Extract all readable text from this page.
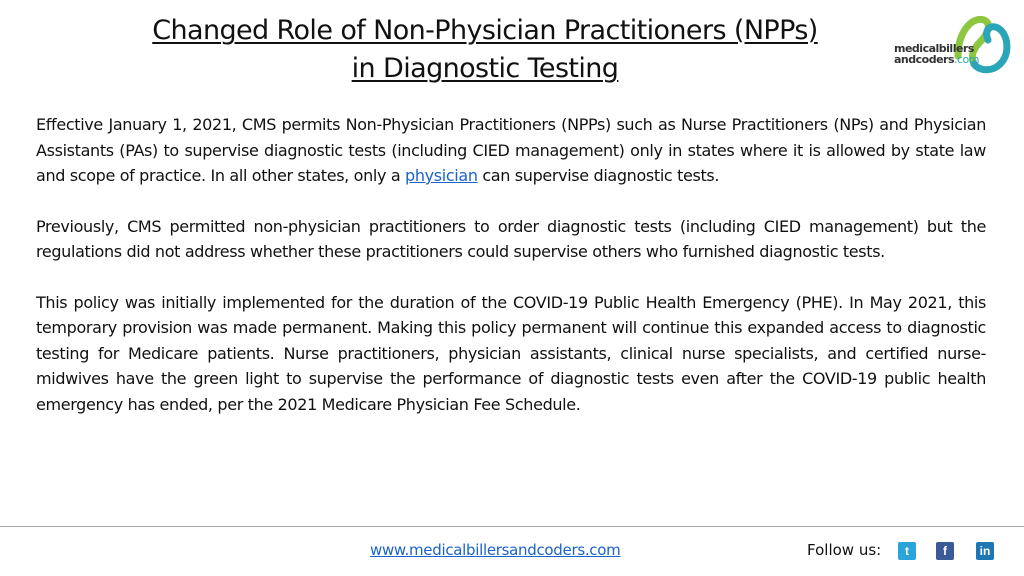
Changed Role of Non-Physician Practitioners (NPPs)
in Diagnostic Testing
medicalbillers
andcoders.com

Effective January 1, 2021, CMS permits Non-Physician Practitioners (NPPs) such as Nurse Practitioners (NPs) and Physician Assistants (PAs) to supervise diagnostic tests (including CIED management) only in states where it is allowed by state law and scope of practice. In all other states, only a physician can supervise diagnostic tests.

Previously, CMS permitted non-physician practitioners to order diagnostic tests (including CIED management) but the regulations did not address whether these practitioners could supervise others who furnished diagnostic tests.

This policy was initially implemented for the duration of the COVID-19 Public Health Emergency (PHE). In May 2021, this temporary provision was made permanent. Making this policy permanent will continue this expanded access to diagnostic testing for Medicare patients. Nurse practitioners, physician assistants, clinical nurse specialists, and certified nurse-midwives have the green light to supervise the performance of diagnostic tests even after the COVID-19 public health emergency has ended, per the 2021 Medicare Physician Fee Schedule.

www.medicalbillersandcoders.com	Follow us:	t	f	in
